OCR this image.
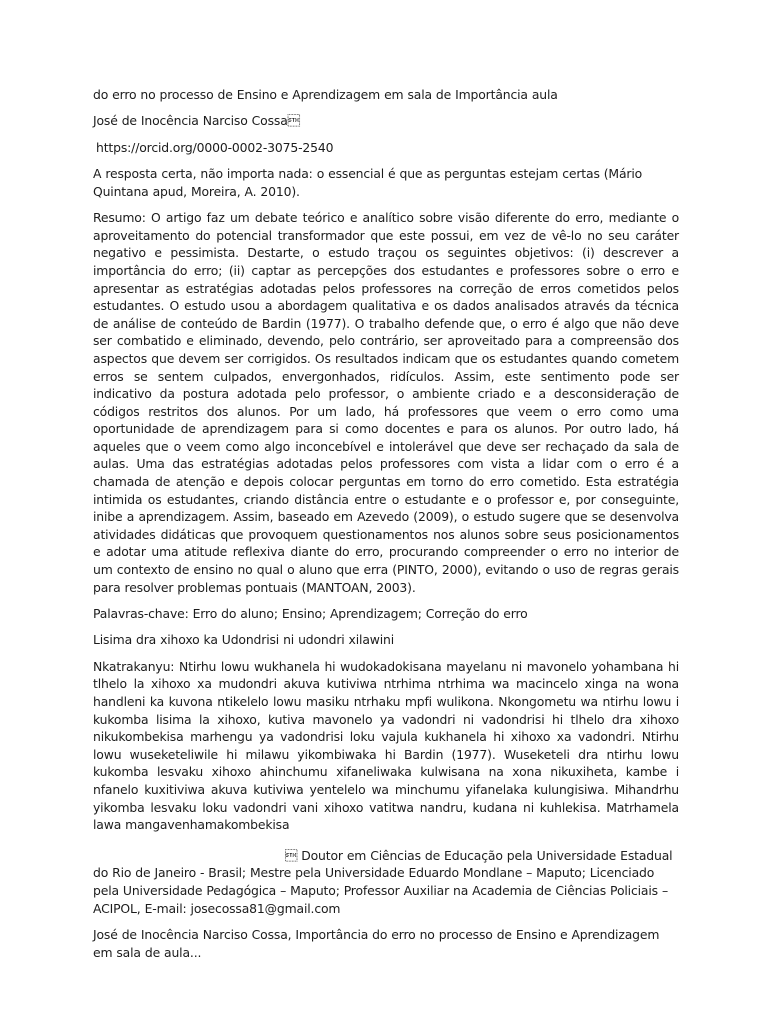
do erro no processo de Ensino e Aprendizagem em sala de Importância aula

José de Inocência Narciso Cossa

https://orcid.org/0000-0002-3075-2540

A resposta certa, não importa nada: o essencial é que as perguntas estejam certas (Mário Quintana apud, Moreira, A. 2010).

Resumo: O artigo faz um debate teórico e analítico sobre visão diferente do erro, mediante o aproveitamento do potencial transformador que este possui, em vez de vê-lo no seu caráter negativo e pessimista. Destarte, o estudo traçou os seguintes objetivos: (i) descrever a importância do erro; (ii) captar as percepções dos estudantes e professores sobre o erro e apresentar as estratégias adotadas pelos professores na correção de erros cometidos pelos estudantes. O estudo usou a abordagem qualitativa e os dados analisados através da técnica de análise de conteúdo de Bardin (1977). O trabalho defende que, o erro é algo que não deve ser combatido e eliminado, devendo, pelo contrário, ser aproveitado para a compreensão dos aspectos que devem ser corrigidos. Os resultados indicam que os estudantes quando cometem erros se sentem culpados, envergonhados, ridículos. Assim, este sentimento pode ser indicativo da postura adotada pelo professor, o ambiente criado e a desconsideração de códigos restritos dos alunos. Por um lado, há professores que veem o erro como uma oportunidade de aprendizagem para si como docentes e para os alunos. Por outro lado, há aqueles que o veem como algo inconcebível e intolerável que deve ser rechaçado da sala de aulas. Uma das estratégias adotadas pelos professores com vista a lidar com o erro é a chamada de atenção e depois colocar perguntas em torno do erro cometido. Esta estratégia intimida os estudantes, criando distância entre o estudante e o professor e, por conseguinte, inibe a aprendizagem. Assim, baseado em Azevedo (2009), o estudo sugere que se desenvolva atividades didáticas que provoquem questionamentos nos alunos sobre seus posicionamentos e adotar uma atitude reflexiva diante do erro, procurando compreender o erro no interior de um contexto de ensino no qual o aluno que erra (PINTO, 2000), evitando o uso de regras gerais para resolver problemas pontuais (MANTOAN, 2003).

Palavras-chave: Erro do aluno; Ensino; Aprendizagem; Correção do erro

Lisima dra xihoxo ka Udondrisi ni udondri xilawini

Nkatrakanyu: Ntirhu lowu wukhanela hi wudokadokisana mayelanu ni mavonelo yohambana hi tlhelo la xihoxo xa mudondri akuva kutiviwa ntrhima ntrhima wa macincelo xinga na wona handleni ka kuvona ntikelelo lowu masiku ntrhaku mpfi wulikona. Nkongometu wa ntirhu lowu i kukomba lisima la xihoxo, kutiva mavonelo ya vadondri ni vadondrisi hi tlhelo dra xihoxo nikukombekisa marhengu ya vadondrisi loku vajula kukhanela hi xihoxo xa vadondri. Ntirhu lowu wuseketeliwile hi milawu yikombiwaka hi Bardin (1977). Wuseketeli dra ntirhu lowu kukomba lesvaku xihoxo ahinchumu xifaneliwaka kulwisana na xona nikuxiheta, kambe i nfanelo kuxitiviwa akuva kutiviwa yentelelo wa minchumu yifanelaka kulungisiwa. Mihandrhu yikomba lesvaku loku vadondri vani xihoxo vatitwa nandru, kudana ni kuhlekisa. Matrhamela lawa mangavenhamakombekisa

 Doutor em Ciências de Educação pela Universidade Estadual do Rio de Janeiro - Brasil; Mestre pela Universidade Eduardo Mondlane – Maputo; Licenciado pela Universidade Pedagógica – Maputo; Professor Auxiliar na Academia de Ciências Policiais – ACIPOL, E-mail: josecossa81@gmail.com

José de Inocência Narciso Cossa, Importância do erro no processo de Ensino e Aprendizagem em sala de aula...
